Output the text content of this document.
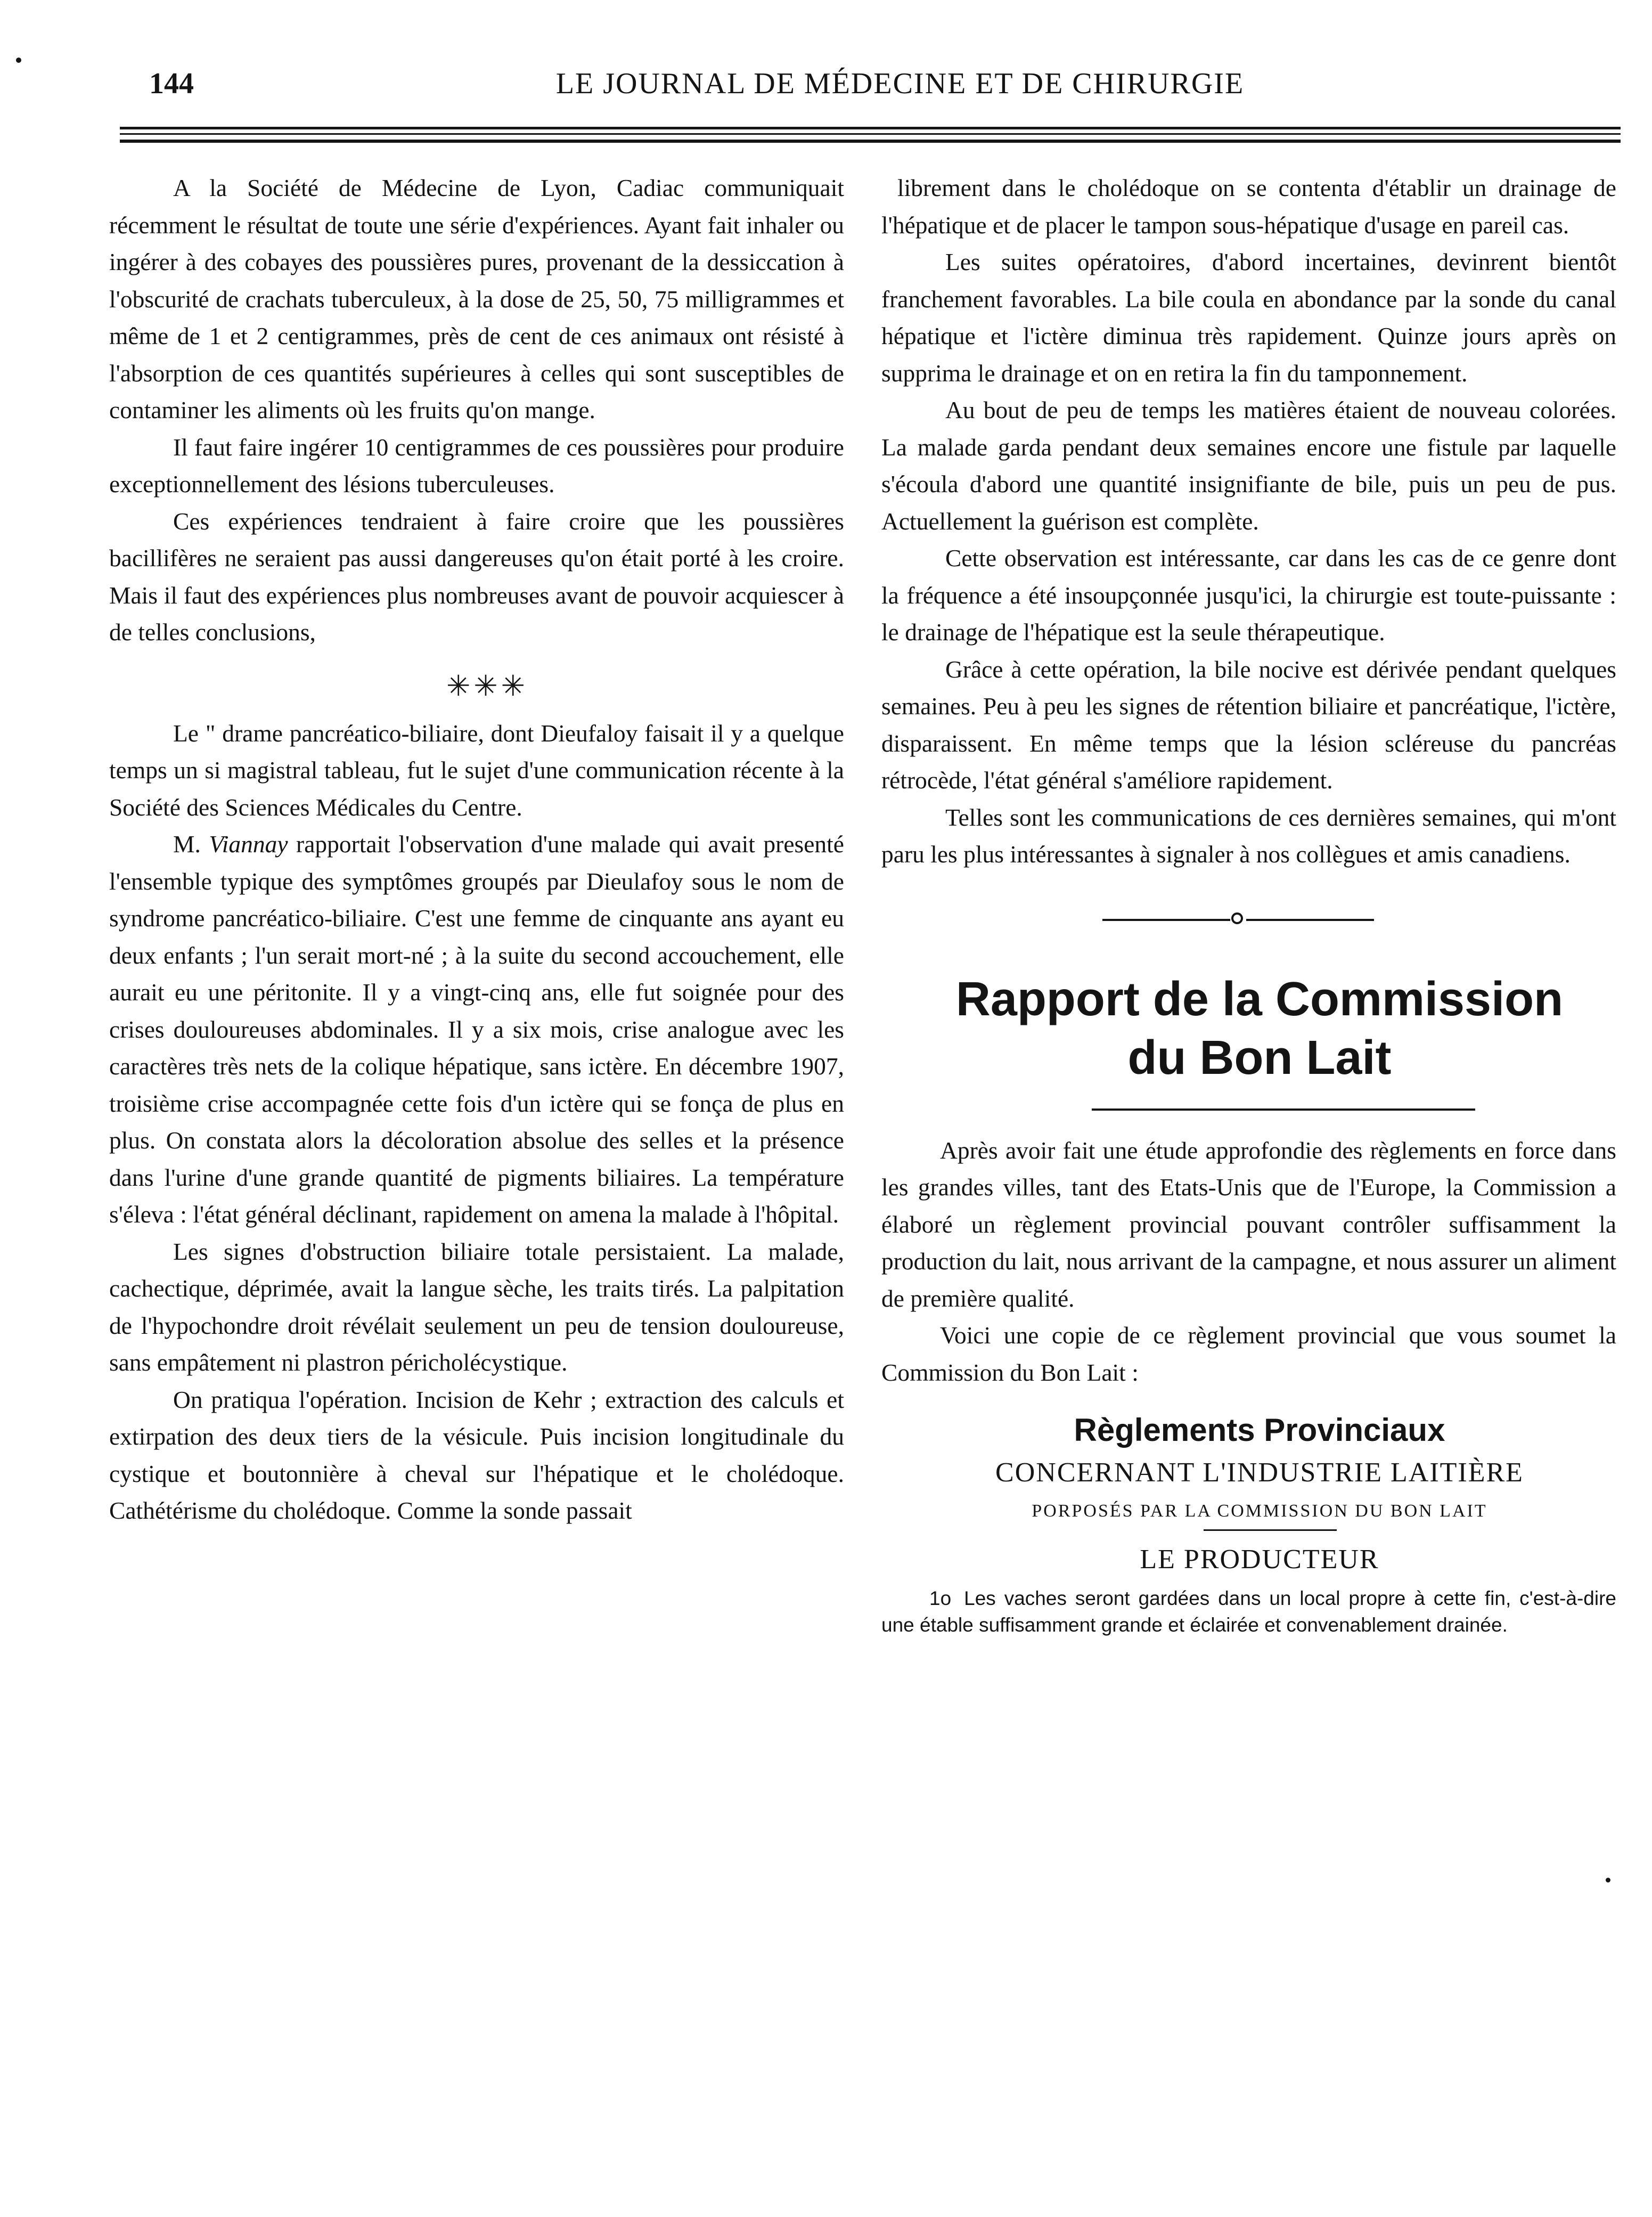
144	LE JOURNAL DE MÉDECINE ET DE CHIRURGIE

A la Société de Médecine de Lyon, Cadiac communiquait récemment le résultat de toute une série d'expériences. Ayant fait inhaler ou ingérer à des cobayes des poussières pures, provenant de la dessiccation à l'obscurité de crachats tuberculeux, à la dose de 25, 50, 75 milligrammes et même de 1 et 2 centigrammes, près de cent de ces animaux ont résisté à l'absorption de ces quantités supérieures à celles qui sont susceptibles de contaminer les aliments où les fruits qu'on mange.

Il faut faire ingérer 10 centigrammes de ces poussières pour produire exceptionnellement des lésions tuberculeuses.

Ces expériences tendraient à faire croire que les poussières bacillifères ne seraient pas aussi dangereuses qu'on était porté à les croire. Mais il faut des expériences plus nombreuses avant de pouvoir acquiescer à de telles conclusions,

✳✳✳

Le " drame pancréatico-biliaire, dont Dieufaloy faisait il y a quelque temps un si magistral tableau, fut le sujet d'une communication récente à la Société des Sciences Médicales du Centre.

M. Viannay rapportait l'observation d'une malade qui avait presenté l'ensemble typique des symptômes groupés par Dieulafoy sous le nom de syndrome pancréatico-biliaire. C'est une femme de cinquante ans ayant eu deux enfants ; l'un serait mort-né ; à la suite du second accouchement, elle aurait eu une péritonite. Il y a vingt-cinq ans, elle fut soignée pour des crises douloureuses abdominales. Il y a six mois, crise analogue avec les caractères très nets de la colique hépatique, sans ictère. En décembre 1907, troisième crise accompagnée cette fois d'un ictère qui se fonça de plus en plus. On constata alors la décoloration absolue des selles et la présence dans l'urine d'une grande quantité de pigments biliaires. La température s'éleva : l'état général déclinant, rapidement on amena la malade à l'hôpital.

Les signes d'obstruction biliaire totale persistaient. La malade, cachectique, déprimée, avait la langue sèche, les traits tirés. La palpitation de l'hypochondre droit révélait seulement un peu de tension douloureuse, sans empâtement ni plastron péricholécystique.

On pratiqua l'opération. Incision de Kehr ; extraction des calculs et extirpation des deux tiers de la vésicule. Puis incision longitudinale du cystique et boutonnière à cheval sur l'hépatique et le cholédoque. Cathétérisme du cholédoque. Comme la sonde passait

librement dans le cholédoque on se contenta d'établir un drainage de l'hépatique et de placer le tampon sous-hépatique d'usage en pareil cas.

Les suites opératoires, d'abord incertaines, devinrent bientôt franchement favorables. La bile coula en abondance par la sonde du canal hépatique et l'ictère diminua très rapidement. Quinze jours après on supprima le drainage et on en retira la fin du tamponnement.

Au bout de peu de temps les matières étaient de nouveau colorées. La malade garda pendant deux semaines encore une fistule par laquelle s'écoula d'abord une quantité insignifiante de bile, puis un peu de pus. Actuellement la guérison est complète.

Cette observation est intéressante, car dans les cas de ce genre dont la fréquence a été insoupçonnée jusqu'ici, la chirurgie est toute-puissante : le drainage de l'hépatique est la seule thérapeutique.

Grâce à cette opération, la bile nocive est dérivée pendant quelques semaines. Peu à peu les signes de rétention biliaire et pancréatique, l'ictère, disparaissent. En même temps que la lésion scléreuse du pancréas rétrocède, l'état général s'améliore rapidement.

Telles sont les communications de ces dernières semaines, qui m'ont paru les plus intéressantes à signaler à nos collègues et amis canadiens.

Rapport de la Commission
du Bon Lait

Après avoir fait une étude approfondie des règlements en force dans les grandes villes, tant des Etats-Unis que de l'Europe, la Commission a élaboré un règlement provincial pouvant contrôler suffisamment la production du lait, nous arrivant de la campagne, et nous assurer un aliment de première qualité.

Voici une copie de ce règlement provincial que vous soumet la Commission du Bon Lait :

Règlements Provinciaux
CONCERNANT L'INDUSTRIE LAITIÈRE
PORPOSÉS PAR LA COMMISSION DU BON LAIT
LE PRODUCTEUR
1o Les vaches seront gardées dans un local propre à cette fin, c'est-à-dire une étable suffisamment grande et éclairée et convenablement drainée.
